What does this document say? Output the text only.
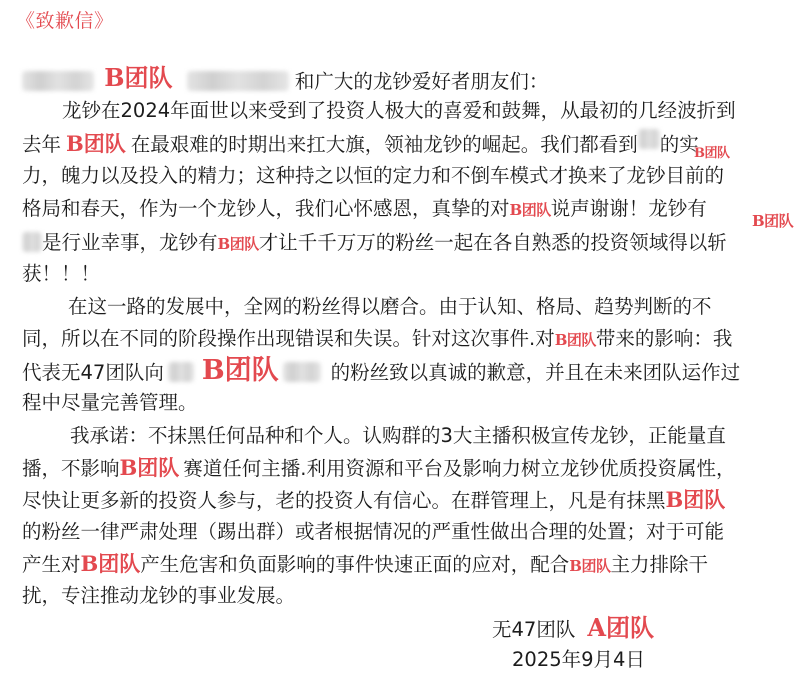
《致歉信》
B团队	和广大的龙钞爱好者朋友们：
龙钞在2024年面世以来受到了投资人极大的喜爱和鼓舞，从最初的几经波折到
去年 B团队 在最艰难的时期出来扛大旗，领袖龙钞的崛起。我们都看到 的实
B团队
力，魄力以及投入的精力；这种持之以恒的定力和不倒车模式才换来了龙钞目前的
格局和春天，作为一个龙钞人，我们心怀感恩，真挚的对B团队说声谢谢！龙钞有
B团队
是行业幸事，龙钞有B团队才让千千万万的粉丝一起在各自熟悉的投资领域得以斩
获！！！
在这一路的发展中，全网的粉丝得以磨合。由于认知、格局、趋势判断的不
同，所以在不同的阶段操作出现错误和失误。针对这次事件.对B团队带来的影响：我
代表无47团队向 B团队	的粉丝致以真诚的歉意，并且在未来团队运作过
程中尽量完善管理。
我承诺：不抹黑任何品种和个人。认购群的3大主播积极宣传龙钞，正能量直
播，不影响B团队 赛道任何主播.利用资源和平台及影响力树立龙钞优质投资属性，
尽快让更多新的投资人参与，老的投资人有信心。在群管理上，凡是有抹黑B团队
的粉丝一律严肃处理（踢出群）或者根据情况的严重性做出合理的处置；对于可能
产生对B团队产生危害和负面影响的事件快速正面的应对，配合B团队主力排除干
扰，专注推动龙钞的事业发展。
无47团队 A团队
2025年9月4日
